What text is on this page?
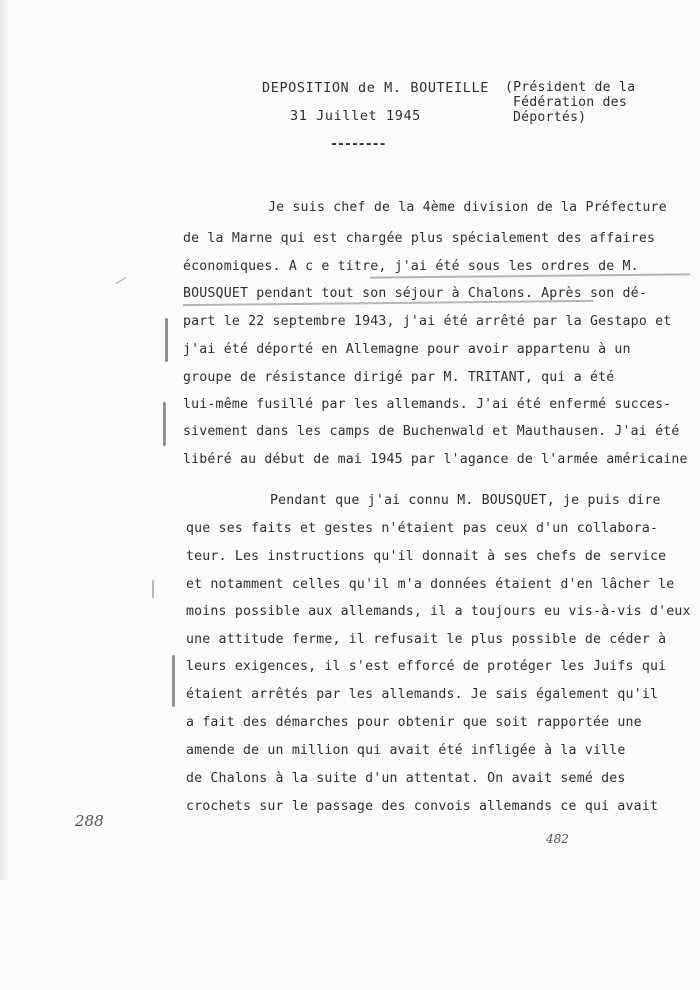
DEPOSITION de M. BOUTEILLE
31 Juillet 1945
--------
(Président de la
Fédération des
Déportés)
Je suis chef de la 4ème division de la Préfecture
de la Marne qui est chargée plus spécialement des affaires
économiques. A c e titre, j'ai été sous les ordres de M.
BOUSQUET pendant tout son séjour à Chalons. Après son dé-
part le 22 septembre 1943, j'ai été arrêté par la Gestapo et
j'ai été déporté en Allemagne pour avoir appartenu à un
groupe de résistance dirigé par M. TRITANT, qui a été
lui-même fusillé par les allemands. J'ai été enfermé succes-
sivement dans les camps de Buchenwald et Mauthausen. J'ai été
libéré au début de mai 1945 par l'agance de l'armée américaine
Pendant que j'ai connu M. BOUSQUET, je puis dire
que ses faits et gestes n'étaient pas ceux d'un collabora-
teur. Les instructions qu'il donnait à ses chefs de service
et notamment celles qu'il m'a données étaient d'en lâcher le
moins possible aux allemands, il a toujours eu vis-à-vis d'eux
une attitude ferme, il refusait le plus possible de céder à
leurs exigences, il s'est efforcé de protéger les Juifs qui
étaient arrêtés par les allemands. Je sais également qu'il
a fait des démarches pour obtenir que soit rapportée une
amende de un million qui avait été infligée à la ville
de Chalons à la suite d'un attentat. On avait semé des
crochets sur le passage des convois allemands ce qui avait
288
482
